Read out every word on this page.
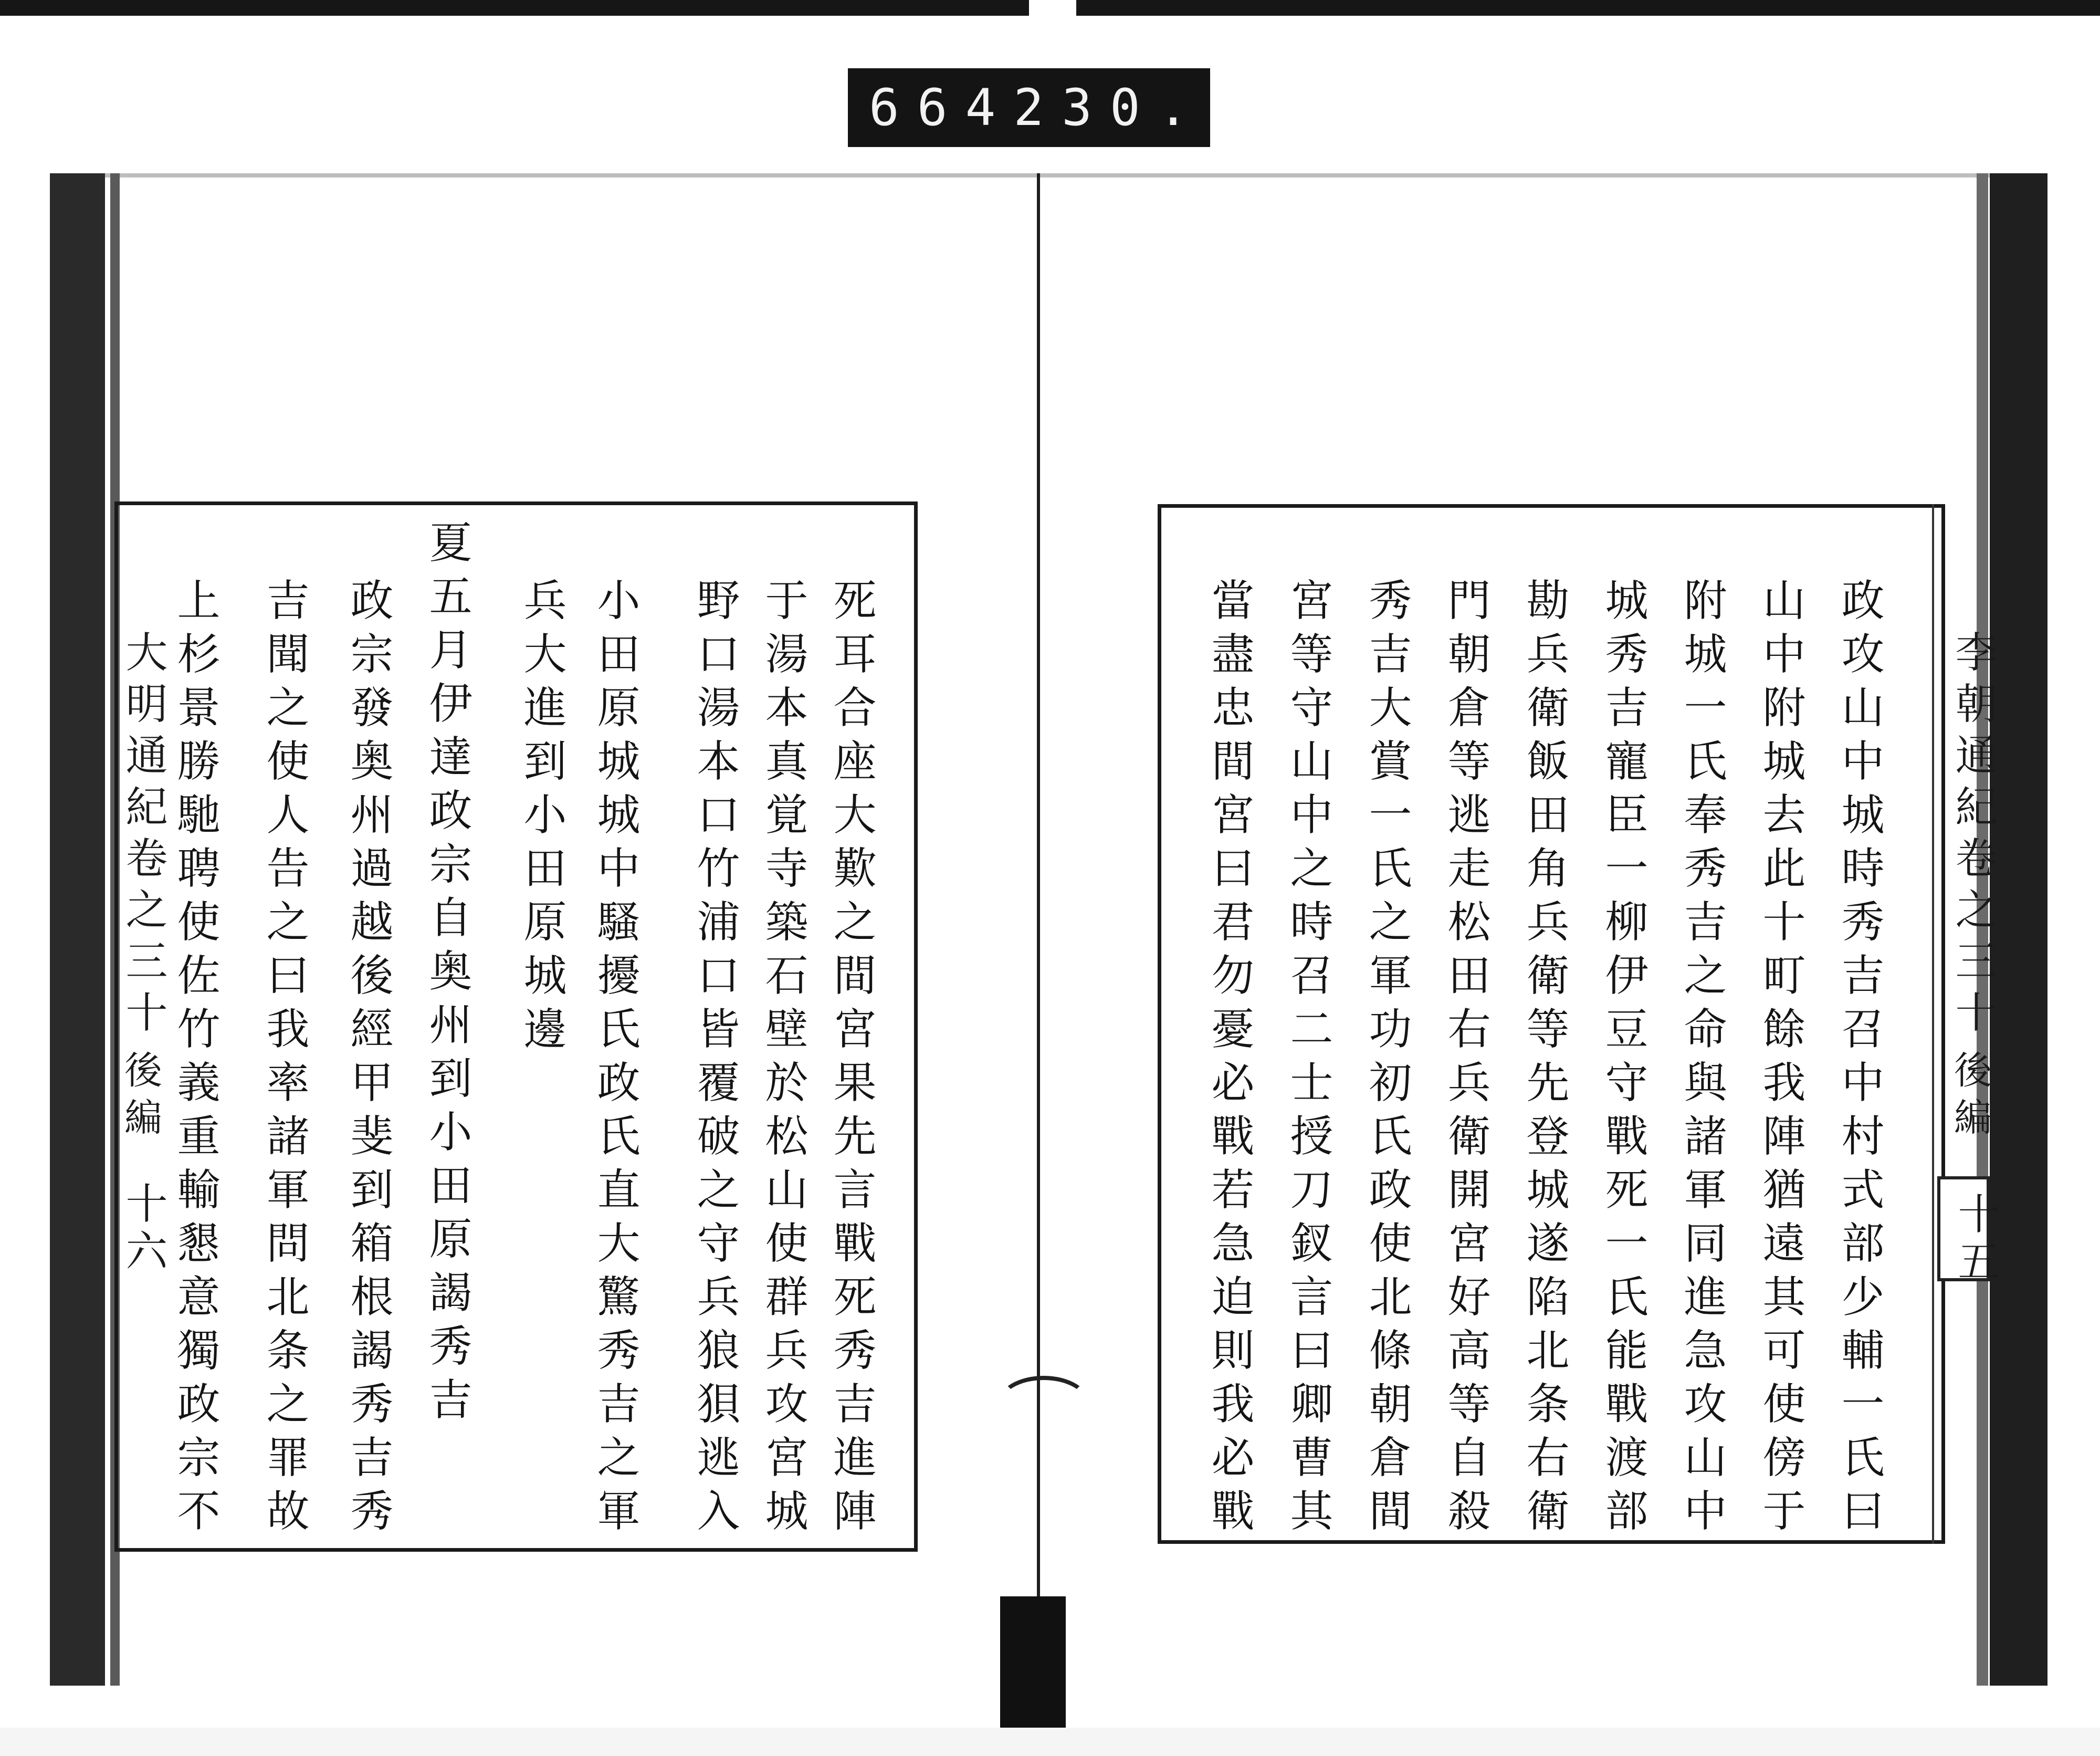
664 230.
李朝通紀卷之三十
後編
十五
政攻山中城時秀吉召中村式部少輔一氏曰
山中附城去此十町餘我陣猶遠其可使傍于
附城一氏奉秀吉之命與諸軍同進急攻山中
城秀吉寵臣一柳伊豆守戰死一氏能戰渡部
勘兵衛飯田角兵衛等先登城遂陷北条右衛
門朝倉等逃走松田右兵衛開宮好高等自殺
秀吉大賞一氏之軍功初氏政使北條朝倉間
宮等守山中之時召二士授刀釵言曰卿曹其
當盡忠間宮曰君勿憂必戰若急迫則我必戰
大明通紀卷之三十
後編
十六	死耳合座大歎之間宮果先言戰死秀吉進陣
于湯本真覚寺築石壁於松山使群兵攻宮城
野口湯本口竹浦口皆覆破之守兵狼狽逃入
小田原城城中騷擾氏政氏直大驚秀吉之軍
兵大進到小田原城邊
夏五月伊達政宗自奥州到小田原謁秀吉
政宗發奥州過越後經甲斐到箱根謁秀吉秀
吉聞之使人告之曰我率諸軍問北条之罪故
上杉景勝馳聘使佐竹義重輸懇意獨政宗不
